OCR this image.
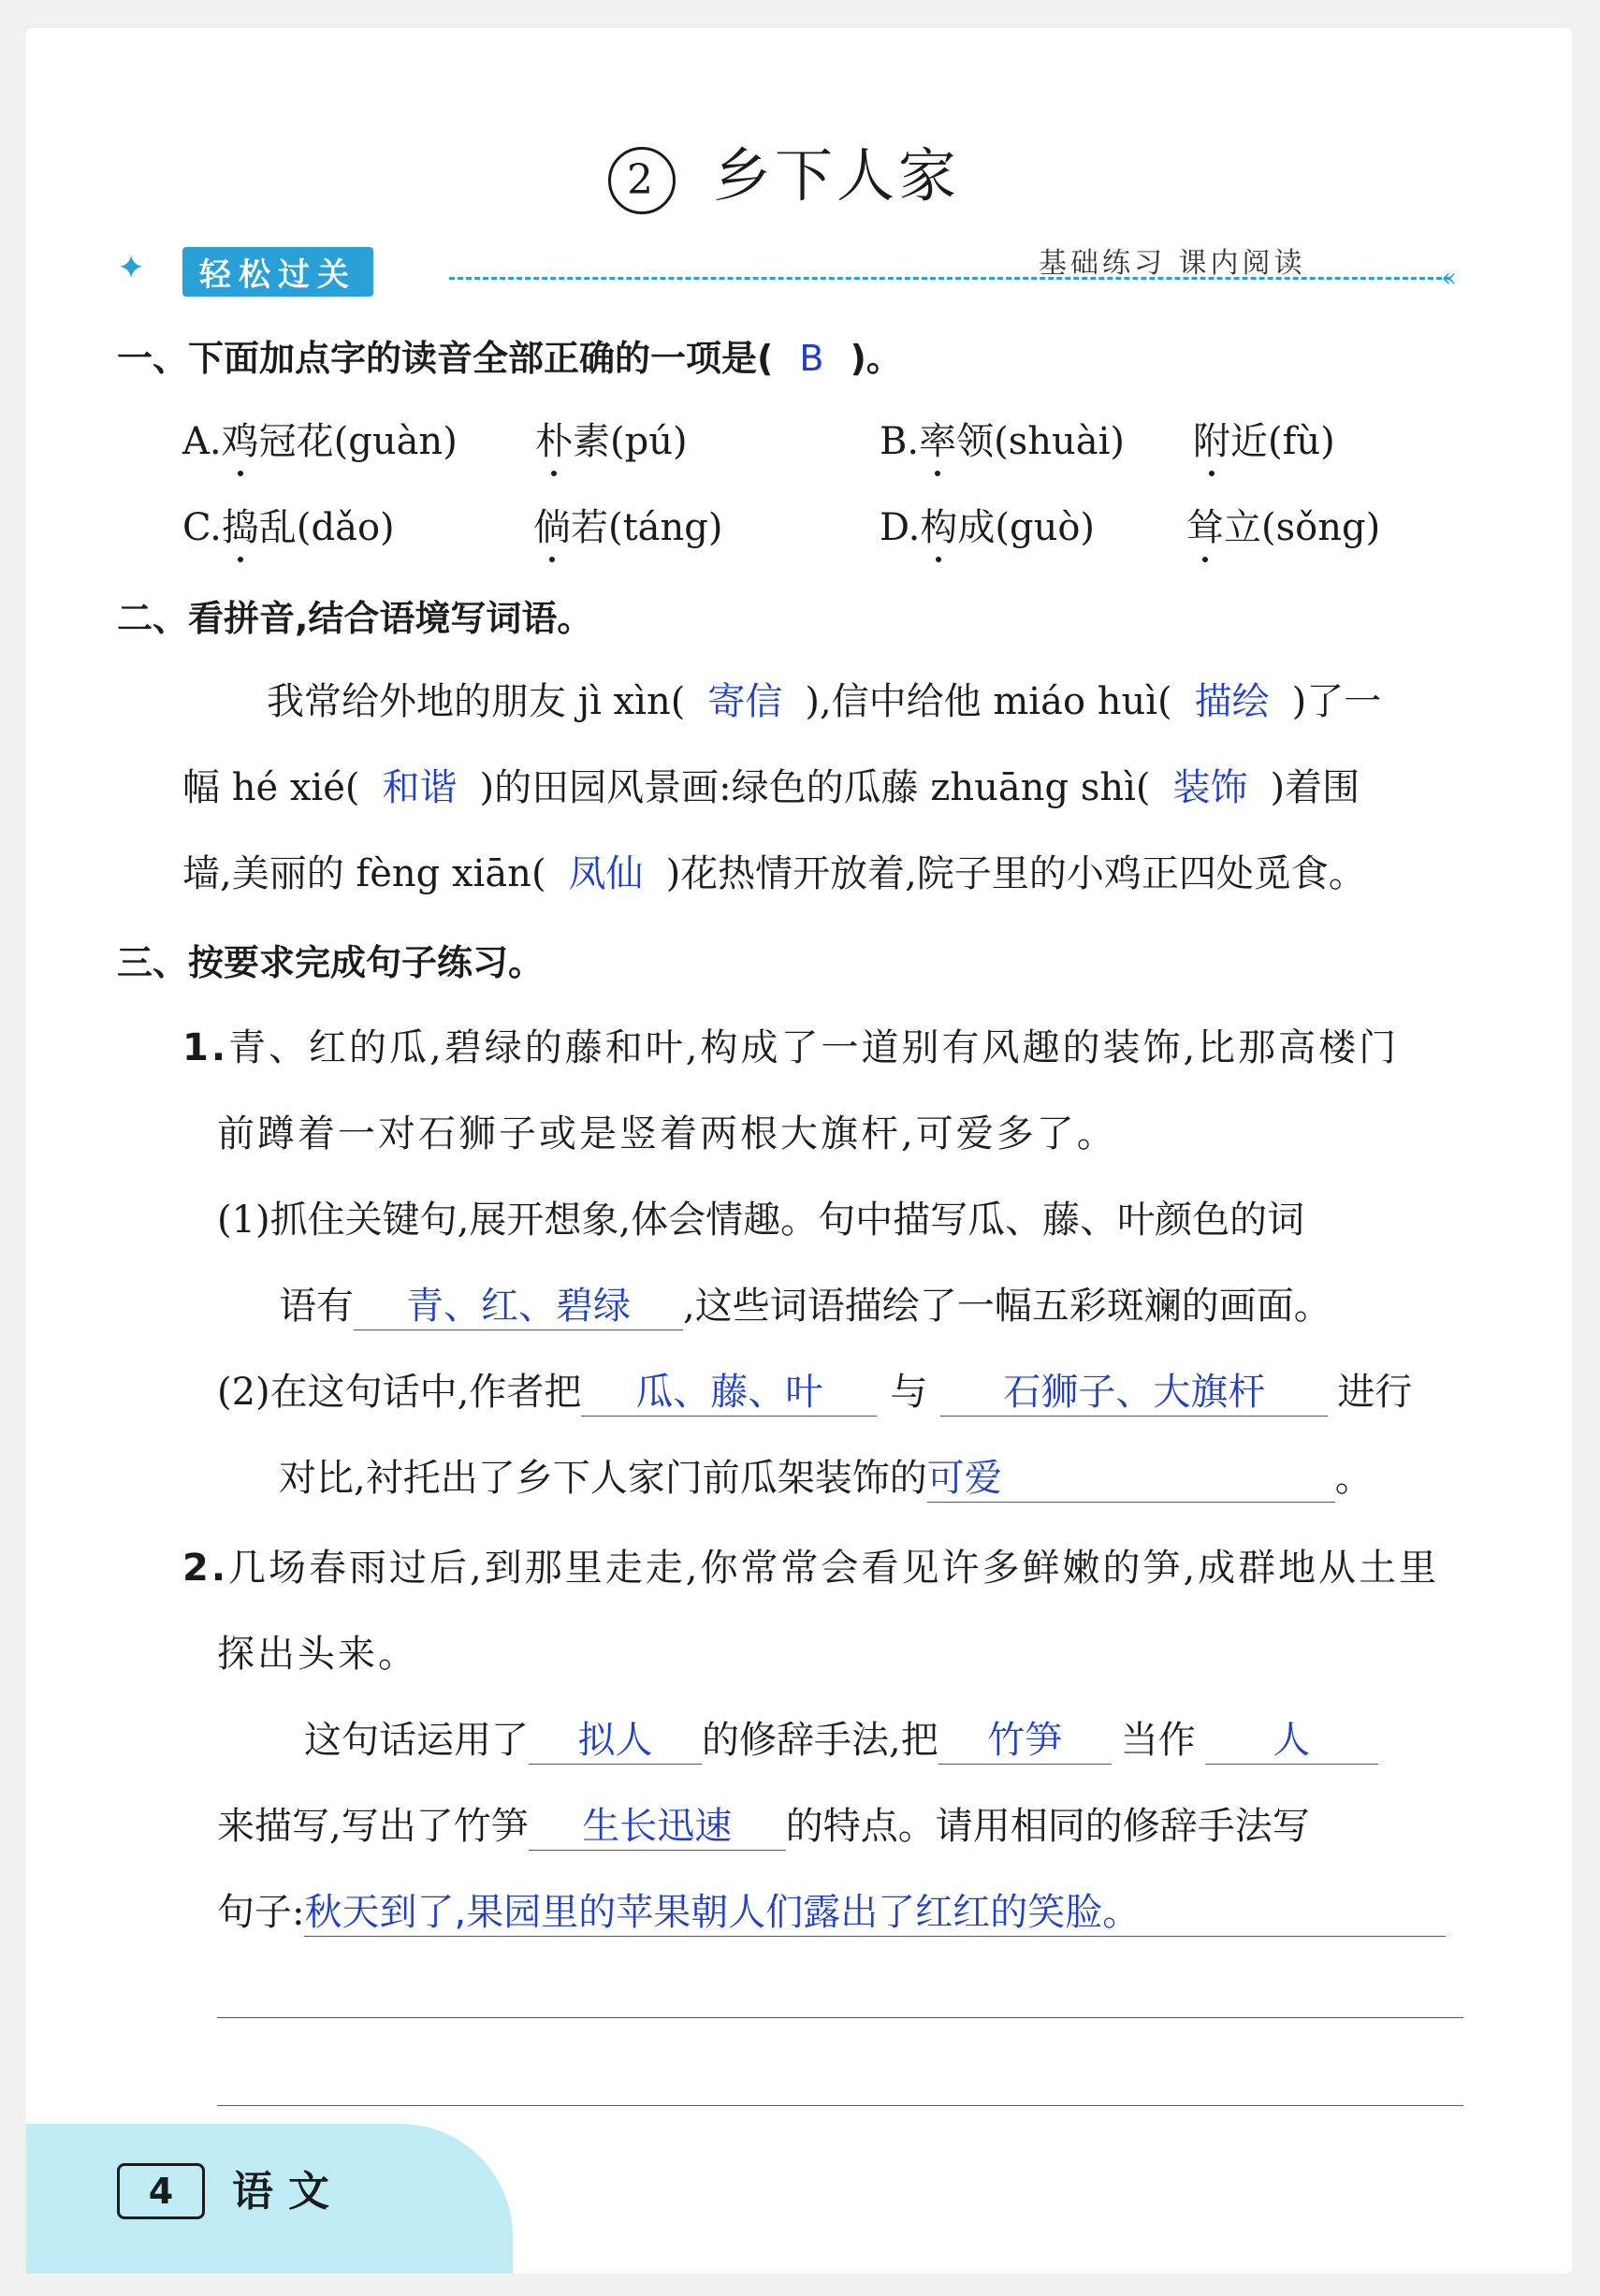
2 乡下人家
✦	轻松过关	基础练习 课内阅读	«
一、下面加点字的读音全部正确的一项是( B )。
A.鸡冠花(guàn) 朴素(pú)	B.率领(shuài) 附近(fù)
C.捣乱(dǎo)	倘若(táng)	D.构成(guò) 耸立(sǒng)
二、看拼音,结合语境写词语。
我常给外地的朋友 jì xìn( 寄信 ),信中给他 miáo huì( 描绘 )了一
幅 hé xié( 和谐 )的田园风景画:绿色的瓜藤 zhuāng shì( 装饰 )着围
墙,美丽的 fèng xiān( 凤仙 )花热情开放着,院子里的小鸡正四处觅食。
三、按要求完成句子练习。
1.青、红的瓜,碧绿的藤和叶,构成了一道别有风趣的装饰,比那高楼门
前蹲着一对石狮子或是竖着两根大旗杆,可爱多了。
(1)抓住关键句,展开想象,体会情趣。句中描写瓜、藤、叶颜色的词
语有 青、红、碧绿 ,这些词语描绘了一幅五彩斑斓的画面。
(2)在这句话中,作者把 瓜、藤、叶 与 石狮子、大旗杆 进行
对比,衬托出了乡下人家门前瓜架装饰的可爱	。
2.几场春雨过后,到那里走走,你常常会看见许多鲜嫩的笋,成群地从土里
探出头来。
这句话运用了 拟人 的修辞手法,把 竹笋 当作 人
来描写,写出了竹笋 生长迅速 的特点。请用相同的修辞手法写
句子:秋天到了,果园里的苹果朝人们露出了红红的笑脸。
4	语文
